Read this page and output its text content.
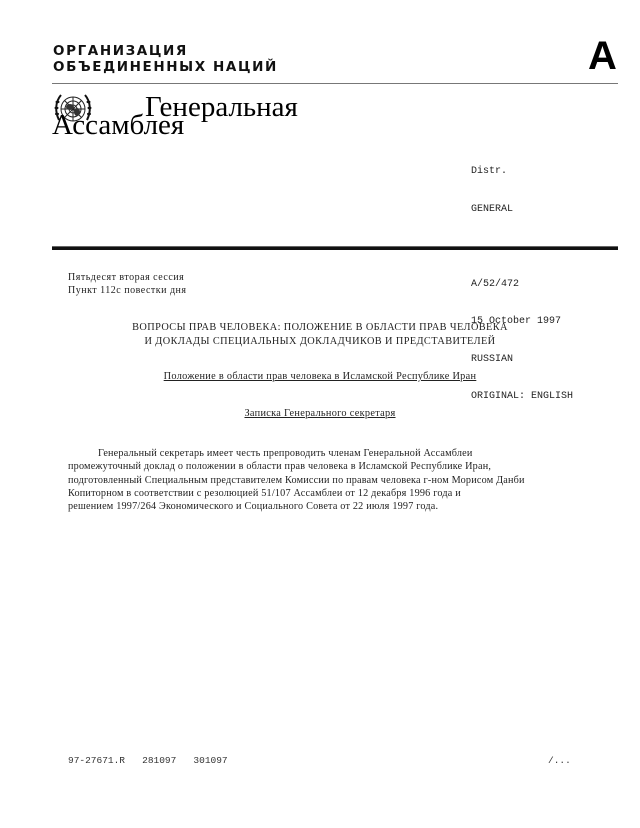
ОРГАНИЗАЦИЯ
ОБЪЕДИНЕННЫХ НАЦИЙ	A
Генеральная
Ассамблея

Distr.

GENERAL

A/52/472

15 October 1997

RUSSIAN

ORIGINAL: ENGLISH

Пятьдесят вторая сессия
Пункт 112с повестки дня
ВОПРОСЫ ПРАВ ЧЕЛОВЕКА: ПОЛОЖЕНИЕ В ОБЛАСТИ ПРАВ ЧЕЛОВЕКА
И ДОКЛАДЫ СПЕЦИАЛЬНЫХ ДОКЛАДЧИКОВ И ПРЕДСТАВИТЕЛЕЙ
Положение в области прав человека в Исламской Республике Иран
Записка Генерального секретаря
Генеральный секретарь имеет честь препроводить членам Генеральной Ассамблеи
промежуточный доклад о положении в области прав человека в Исламской Республике Иран,
подготовленный Специальным представителем Комиссии по правам человека г-ном Морисом Данби
Копиторном в соответствии с резолюцией 51/107 Ассамблеи от 12 декабря 1996 года и
решением 1997/264 Экономического и Социального Совета от 22 июля 1997 года.
97-27671.R   281097   301097	/...
